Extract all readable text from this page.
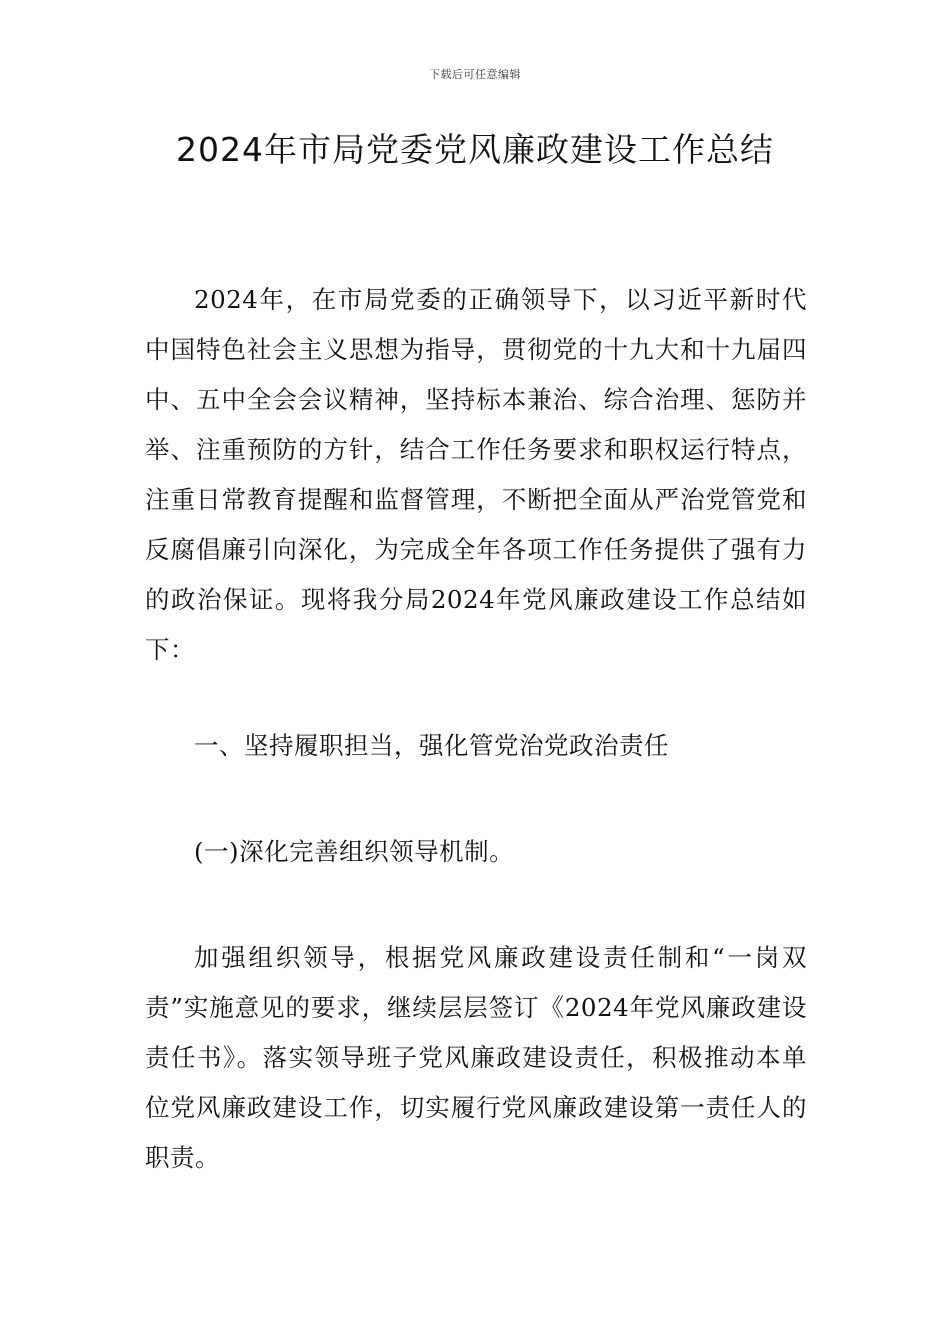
下载后可任意编辑
2024年市局党委党风廉政建设工作总结

2024年，在市局党委的正确领导下，以习近平新时代中国特色社会主义思想为指导，贯彻党的十九大和十九届四中、五中全会会议精神，坚持标本兼治、综合治理、惩防并举、注重预防的方针，结合工作任务要求和职权运行特点，注重日常教育提醒和监督管理，不断把全面从严治党管党和反腐倡廉引向深化，为完成全年各项工作任务提供了强有力的政治保证。现将我分局2024年党风廉政建设工作总结如下：

一、坚持履职担当，强化管党治党政治责任

(一)深化完善组织领导机制。

加强组织领导，根据党风廉政建设责任制和“一岗双责”实施意见的要求，继续层层签订《2024年党风廉政建设责任书》。落实领导班子党风廉政建设责任，积极推动本单位党风廉政建设工作，切实履行党风廉政建设第一责任人的职责。
